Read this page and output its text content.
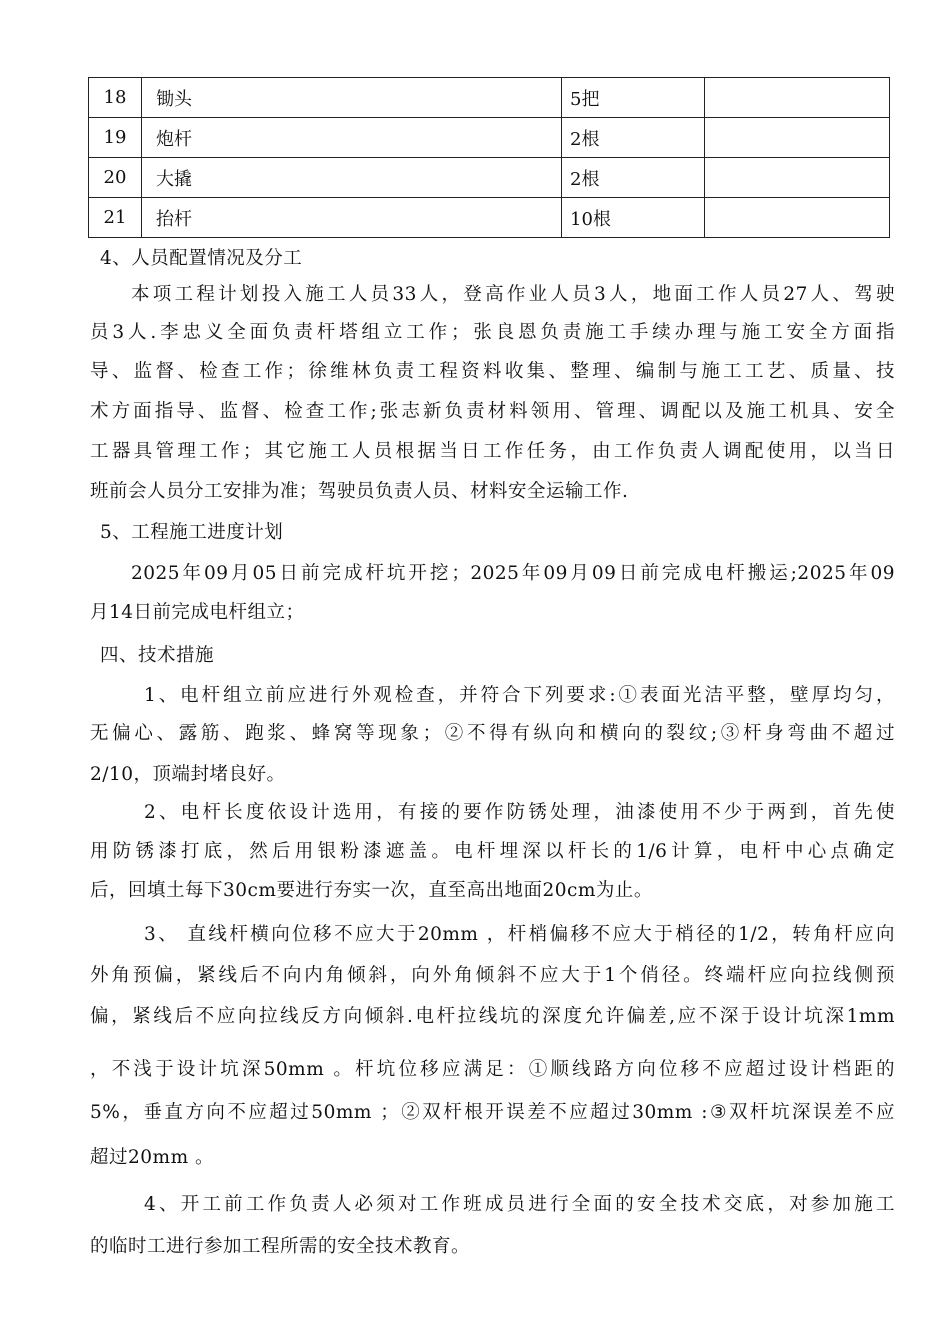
18	锄头	5把	
19	炮杆	2根	
20	大撬	2根	
21	抬杆	10根	
4、人员配置情况及分工
本项工程计划投入施工人员33人，登高作业人员3人，地面工作人员27人、驾驶
员3人.李忠义全面负责杆塔组立工作；张良恩负责施工手续办理与施工安全方面指
导、监督、检查工作；徐维林负责工程资料收集、整理、编制与施工工艺、质量、技
术方面指导、监督、检查工作;张志新负责材料领用、管理、调配以及施工机具、安全
工器具管理工作；其它施工人员根据当日工作任务，由工作负责人调配使用，以当日
班前会人员分工安排为准；驾驶员负责人员、材料安全运输工作.
5、工程施工进度计划
2025年09月05日前完成杆坑开挖；2025年09月09日前完成电杆搬运;2025年09
月14日前完成电杆组立；
四、技术措施
1、电杆组立前应进行外观检查，并符合下列要求:①表面光洁平整，壁厚均匀，
无偏心、露筋、跑浆、蜂窝等现象；②不得有纵向和横向的裂纹;③杆身弯曲不超过
2/10，顶端封堵良好。
2、电杆长度依设计选用，有接的要作防锈处理，油漆使用不少于两到，首先使
用防锈漆打底，然后用银粉漆遮盖。电杆埋深以杆长的1/6计算，电杆中心点确定
后，回填土每下30cm要进行夯实一次，直至高出地面20cm为止。
3、 直线杆横向位移不应大于20mm ，杆梢偏移不应大于梢径的1/2，转角杆应向
外角预偏，紧线后不向内角倾斜，向外角倾斜不应大于1个俏径。终端杆应向拉线侧预
偏，紧线后不应向拉线反方向倾斜.电杆拉线坑的深度允许偏差,应不深于设计坑深1mm
，不浅于设计坑深50mm 。杆坑位移应满足：①顺线路方向位移不应超过设计档距的
5%，垂直方向不应超过50mm ；②双杆根开误差不应超过30mm :③双杆坑深误差不应
超过20mm 。
4、开工前工作负责人必须对工作班成员进行全面的安全技术交底，对参加施工
的临时工进行参加工程所需的安全技术教育。
